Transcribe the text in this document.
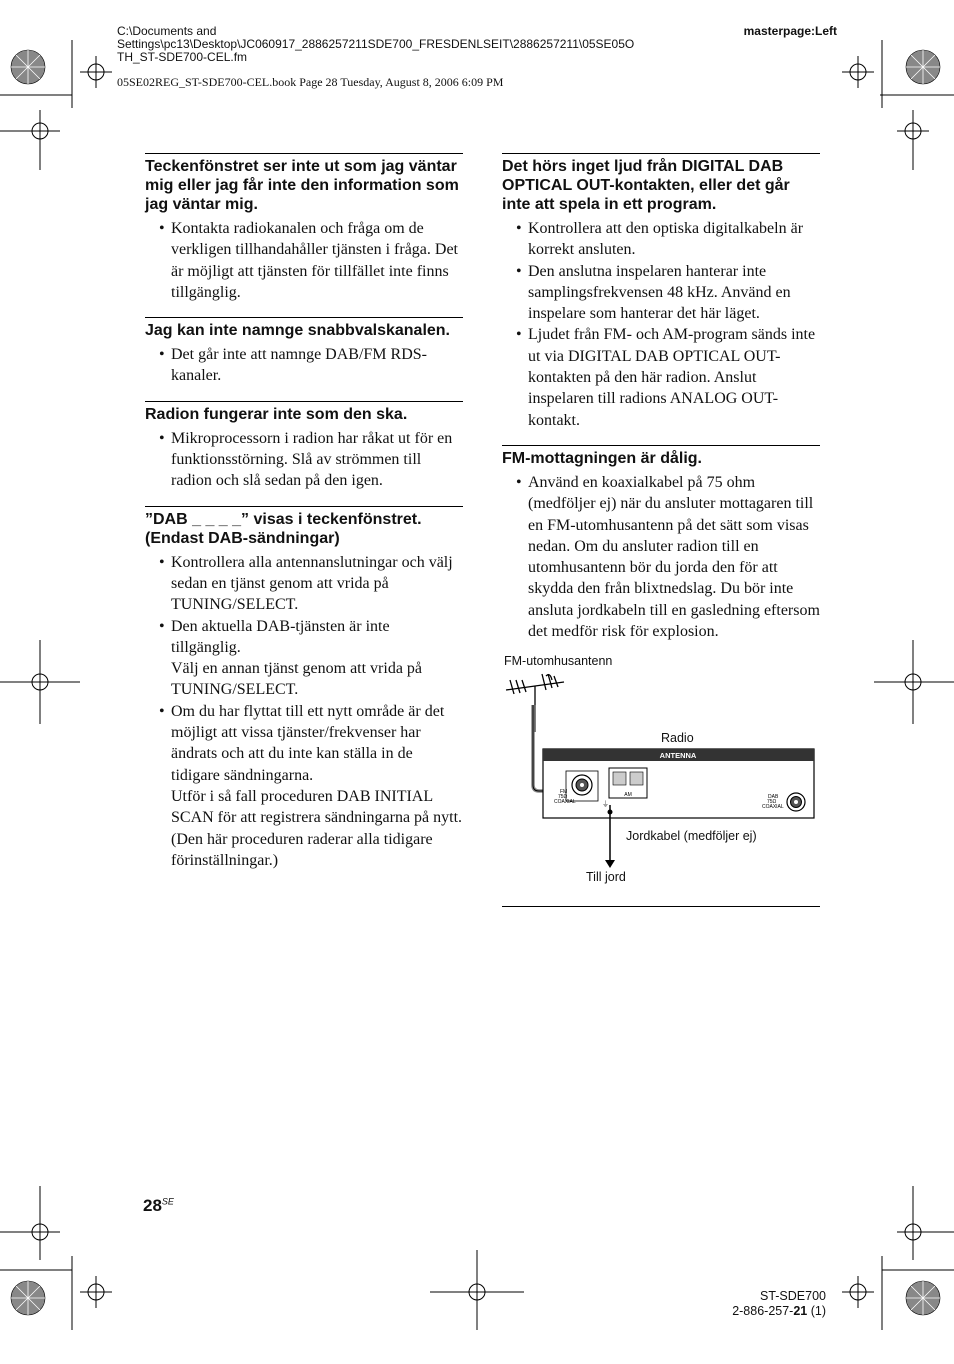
C:\Documents and
Settings\pc13\Desktop\JC060917_2886257211SDE700_FRESDENLSEIT\2886257211\05SE05O
TH_ST-SDE700-CEL.fm
masterpage:Left
05SE02REG_ST-SDE700-CEL.book Page 28 Tuesday, August 8, 2006 6:09 PM
Teckenfönstret ser inte ut som jag väntar mig eller jag får inte den information som jag väntar mig.
• Kontakta radiokanalen och fråga om de verkligen tillhandahåller tjänsten i fråga. Det är möjligt att tjänsten för tillfället inte finns tillgänglig.
Jag kan inte namnge snabbvalskanalen.
• Det går inte att namnge DAB/FM RDS-kanaler.
Radion fungerar inte som den ska.
• Mikroprocessorn i radion har råkat ut för en funktionsstörning. Slå av strömmen till radion och slå sedan på den igen.
”DAB _ _ _ _” visas i teckenfönstret. (Endast DAB-sändningar)
• Kontrollera alla antennanslutningar och välj sedan en tjänst genom att vrida på TUNING/SELECT.
• Den aktuella DAB-tjänsten är inte tillgänglig.
Välj en annan tjänst genom att vrida på TUNING/SELECT.
• Om du har flyttat till ett nytt område är det möjligt att vissa tjänster/frekvenser har ändrats och att du inte kan ställa in de tidigare sändningarna.
Utför i så fall proceduren DAB INITIAL SCAN för att registrera sändningarna på nytt. (Den här proceduren raderar alla tidigare förinställningar.)
Det hörs inget ljud från DIGITAL DAB OPTICAL OUT-kontakten, eller det går inte att spela in ett program.
• Kontrollera att den optiska digitalkabeln är korrekt ansluten.
• Den anslutna inspelaren hanterar inte samplingsfrekvensen 48 kHz. Använd en inspelare som hanterar det här läget.
• Ljudet från FM- och AM-program sänds inte ut via DIGITAL DAB OPTICAL OUT-kontakten på den här radion. Anslut inspelaren till radions ANALOG OUT-kontakt.
FM-mottagningen är dålig.
• Använd en koaxialkabel på 75 ohm (medföljer ej) när du ansluter mottagaren till en FM-utomhusantenn på det sätt som visas nedan. Om du ansluter radion till en utomhusantenn bör du jorda den för att skydda den från blixtnedslag. Du bör inte ansluta jordkabeln till en gasledning eftersom det medför risk för explosion.
FM-utomhusantenn
Radio
Jordkabel (medföljer ej)
Till jord
ANTENNA
FM
75Ω
COAXIAL
AM
⏚
DAB
75Ω
COAXIAL
$28^{SE}$
ST-SDE700
2-886-257-21 (1)
